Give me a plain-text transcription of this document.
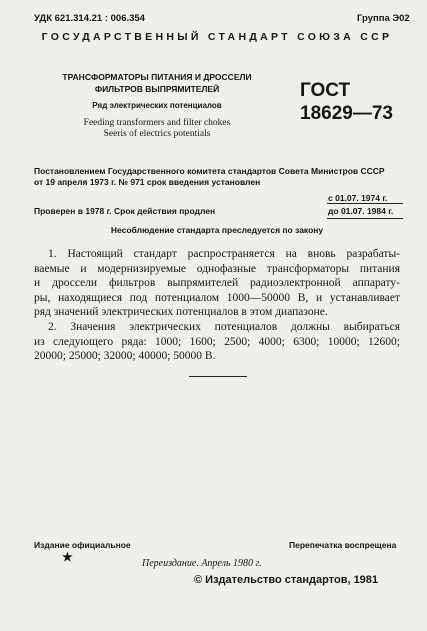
УДК 621.314.21 : 006.354	Группа Э02
ГОСУДАРСТВЕННЫЙ СТАНДАРТ СОЮЗА ССР
ТРАНСФОРМАТОРЫ ПИТАНИЯ И ДРОССЕЛИ ФИЛЬТРОВ ВЫПРЯМИТЕЛЕЙ
Ряд электрических потенциалов
Feeding transformers and filter chokes
Seeris of electrics potentials
ГОСТ
18629—73
Постановлением Государственного комитета стандартов Совета Министров СССР
от 19 апреля 1973 г. № 971 срок введения установлен
с 01.07. 1974 г.
Проверен в 1978 г. Срок действия продлен	до 01.07. 1984 г.
Несоблюдение стандарта преследуется по закону
1. Настоящий стандарт распространяется на вновь разрабаты-
ваемые и модернизируемые однофазные трансформаторы питания
и дроссели фильтров выпрямителей радиоэлектронной аппарату-
ры, находящиеся под потенциалом 1000—50000 В, и устанавливает
ряд значений электрических потенциалов в этом диапазоне.
2. Значения электрических потенциалов должны выбираться
из следующего ряда: 1000; 1600; 2500; 4000; 6300; 10000; 12600;
20000; 25000; 32000; 40000; 50000 В.
Издание официальное
★
Перепечатка воспрещена
Переиздание. Апрель 1980 г.
© Издательство стандартов, 1981
